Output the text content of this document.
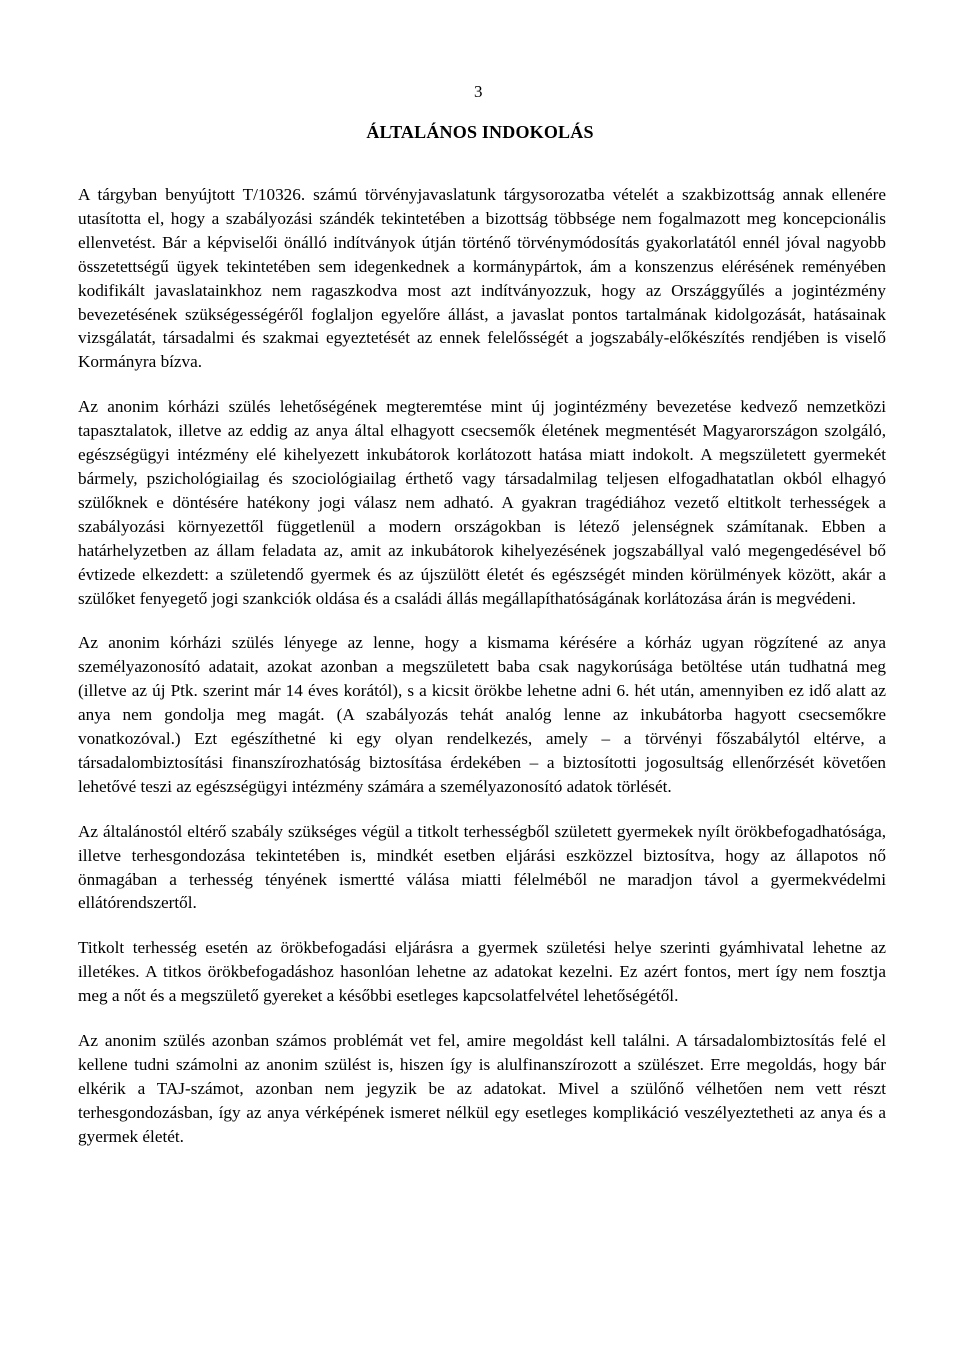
3
ÁLTALÁNOS INDOKOLÁS

A tárgyban benyújtott T/10326. számú törvényjavaslatunk tárgysorozatba vételét a szakbizottság annak ellenére utasította el, hogy a szabályozási szándék tekintetében a bizottság többsége nem fogalmazott meg koncepcionális ellenvetést. Bár a képviselői önálló indítványok útján történő törvénymódosítás gyakorlatától ennél jóval nagyobb összetettségű ügyek tekintetében sem idegenkednek a kormánypártok, ám a konszenzus elérésének reményében kodifikált javaslatainkhoz nem ragaszkodva most azt indítványozzuk, hogy az Országgyűlés a jogintézmény bevezetésének szükségességéről foglaljon egyelőre állást, a javaslat pontos tartalmának kidolgozását, hatásainak vizsgálatát, társadalmi és szakmai egyeztetését az ennek felelősségét a jogszabály-előkészítés rendjében is viselő Kormányra bízva.

Az anonim kórházi szülés lehetőségének megteremtése mint új jogintézmény bevezetése kedvező nemzetközi tapasztalatok, illetve az eddig az anya által elhagyott csecsemők életének megmentését Magyarországon szolgáló, egészségügyi intézmény elé kihelyezett inkubátorok korlátozott hatása miatt indokolt. A megszületett gyermekét bármely, pszichológiailag és szociológiailag érthető vagy társadalmilag teljesen elfogadhatatlan okból elhagyó szülőknek e döntésére hatékony jogi válasz nem adható. A gyakran tragédiához vezető eltitkolt terhességek a szabályozási környezettől függetlenül a modern országokban is létező jelenségnek számítanak. Ebben a határhelyzetben az állam feladata az, amit az inkubátorok kihelyezésének jogszabállyal való megengedésével bő évtizede elkezdett: a születendő gyermek és az újszülött életét és egészségét minden körülmények között, akár a szülőket fenyegető jogi szankciók oldása és a családi állás megállapíthatóságának korlátozása árán is megvédeni.

Az anonim kórházi szülés lényege az lenne, hogy a kismama kérésére a kórház ugyan rögzítené az anya személyazonosító adatait, azokat azonban a megszületett baba csak nagykorúsága betöltése után tudhatná meg (illetve az új Ptk. szerint már 14 éves korától), s a kicsit örökbe lehetne adni 6. hét után, amennyiben ez idő alatt az anya nem gondolja meg magát. (A szabályozás tehát analóg lenne az inkubátorba hagyott csecsemőkre vonatkozóval.) Ezt egészíthetné ki egy olyan rendelkezés, amely – a törvényi főszabálytól eltérve, a társadalombiztosítási finanszírozhatóság biztosítása érdekében – a biztosítotti jogosultság ellenőrzését követően lehetővé teszi az egészségügyi intézmény számára a személyazonosító adatok törlését.

Az általánostól eltérő szabály szükséges végül a titkolt terhességből született gyermekek nyílt örökbefogadhatósága, illetve terhesgondozása tekintetében is, mindkét esetben eljárási eszközzel biztosítva, hogy az állapotos nő önmagában a terhesség tényének ismertté válása miatti félelméből ne maradjon távol a gyermekvédelmi ellátórendszertől.

Titkolt terhesség esetén az örökbefogadási eljárásra a gyermek születési helye szerinti gyámhivatal lehetne az illetékes. A titkos örökbefogadáshoz hasonlóan lehetne az adatokat kezelni. Ez azért fontos, mert így nem fosztja meg a nőt és a megszülető gyereket a későbbi esetleges kapcsolatfelvétel lehetőségétől.

Az anonim szülés azonban számos problémát vet fel, amire megoldást kell találni. A társadalombiztosítás felé el kellene tudni számolni az anonim szülést is, hiszen így is alulfinanszírozott a szülészet. Erre megoldás, hogy bár elkérik a TAJ-számot, azonban nem jegyzik be az adatokat. Mivel a szülőnő vélhetően nem vett részt terhesgondozásban, így az anya vérképének ismeret nélkül egy esetleges komplikáció veszélyeztetheti az anya és a gyermek életét.
